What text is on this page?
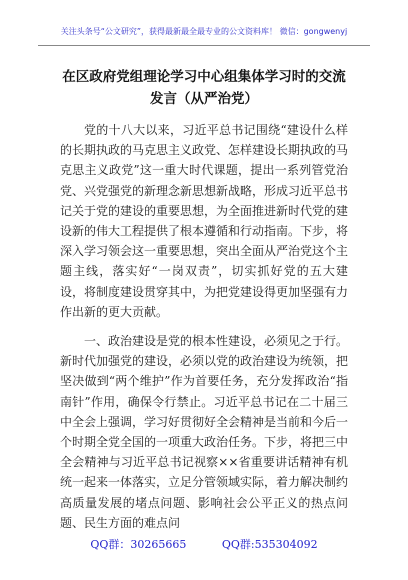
关注头条号“公文研究”，获得最新最全最专业的公文资料库！ 微信：gongwenyj
在区政府党组理论学习中心组集体学习时的交流发言（从严治党）

党的十八大以来，习近平总书记围绕“建设什么样的长期执政的马克思主义政党、怎样建设长期执政的马克思主义政党”这一重大时代课题，提出一系列管党治党、兴党强党的新理念新思想新战略，形成习近平总书记关于党的建设的重要思想，为全面推进新时代党的建设新的伟大工程提供了根本遵循和行动指南。下步，将深入学习领会这一重要思想，突出全面从严治党这个主题主线，落实好“一岗双责”，切实抓好党的五大建设，将制度建设贯穿其中，为把党建设得更加坚强有力作出新的更大贡献。

一、政治建设是党的根本性建设，必须见之于行。新时代加强党的建设，必须以党的政治建设为统领，把坚决做到“两个维护”作为首要任务，充分发挥政治“指南针”作用，确保令行禁止。习近平总书记在二十届三中全会上强调，学习好贯彻好全会精神是当前和今后一个时期全党全国的一项重大政治任务。下步，将把三中全会精神与习近平总书记视察××省重要讲话精神有机统一起来一体落实，立足分管领域实际，着力解决制约高质量发展的堵点问题、影响社会公平正义的热点问题、民生方面的难点问

QQ群：30265665	QQ群:535304092
